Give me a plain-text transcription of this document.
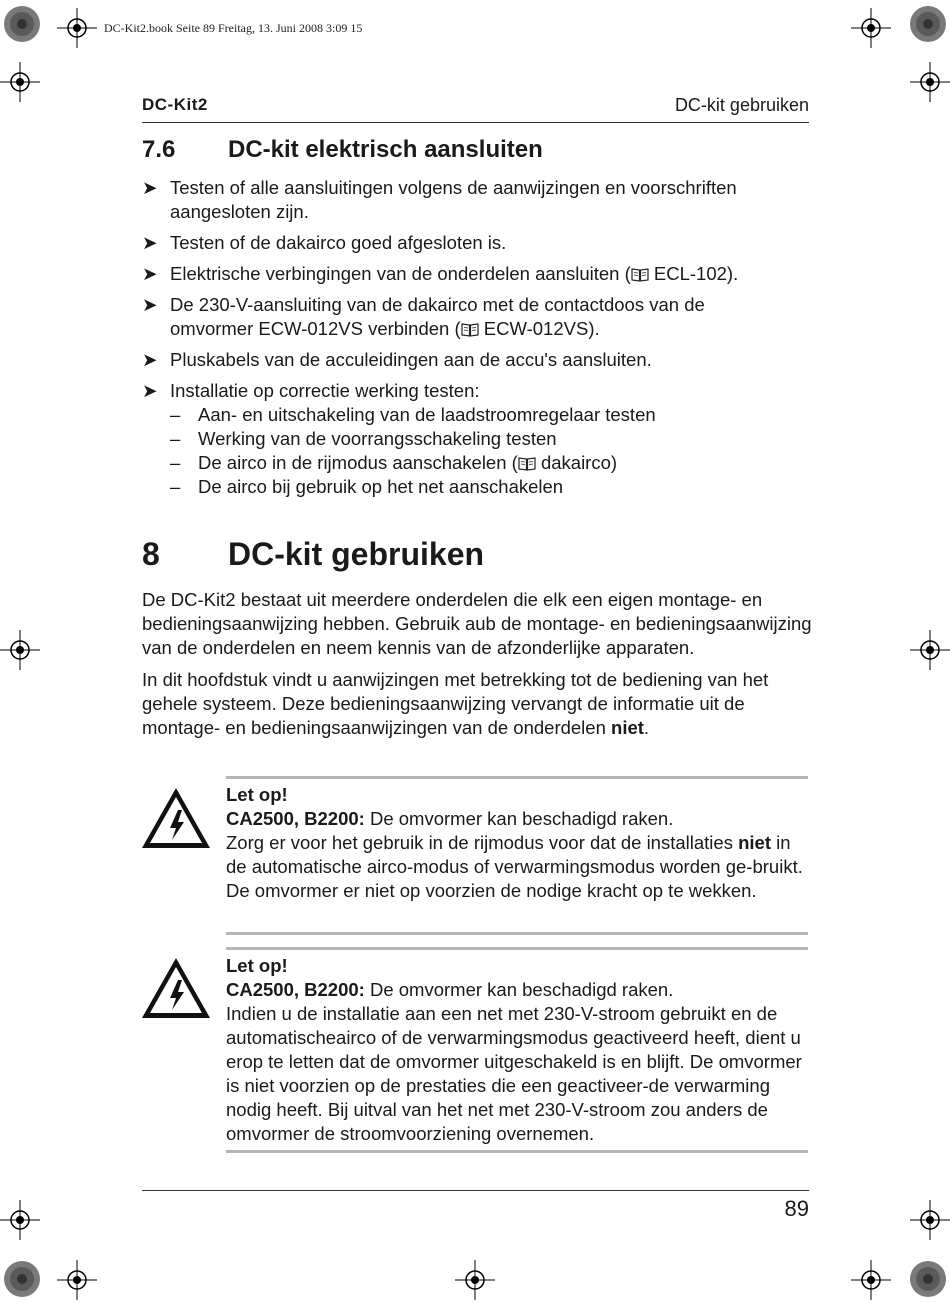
DC-Kit2.book Seite 89 Freitag, 13. Juni 2008 3:09 15
DC-Kit2	DC-kit gebruiken
7.6 DC-kit elektrisch aansluiten
➤ Testen of alle aansluitingen volgens de aanwijzingen en voorschriften
aangesloten zijn.
➤ Testen of de dakairco goed afgesloten is.
➤ Elektrische verbingingen van de onderdelen aansluiten ( ECL-102).
➤ De 230-V-aansluiting van de dakairco met de contactdoos van de
omvormer ECW-012VS verbinden ( ECW-012VS).
➤ Pluskabels van de acculeidingen aan de accu's aansluiten.
➤ Installatie op correctie werking testen:
– Aan- en uitschakeling van de laadstroomregelaar testen
– Werking van de voorrangsschakeling testen
– De airco in de rijmodus aanschakelen ( dakairco)
– De airco bij gebruik op het net aanschakelen
8 DC-kit gebruiken

De DC-Kit2 bestaat uit meerdere onderdelen die elk een eigen montage- en bedieningsaanwijzing hebben. Gebruik aub de montage- en bedieningsaanwijzing van de onderdelen en neem kennis van de afzonderlijke apparaten.

In dit hoofdstuk vindt u aanwijzingen met betrekking tot de bediening van het gehele systeem. Deze bedieningsaanwijzing vervangt de informatie uit de montage- en bedieningsaanwijzingen van de onderdelen niet.

Let op!
CA2500, B2200: De omvormer kan beschadigd raken.
Zorg er voor het gebruik in de rijmodus voor dat de installaties niet in de automatische airco-modus of verwarmingsmodus worden ge-bruikt. De omvormer er niet op voorzien de nodige kracht op te wekken.
Let op!
CA2500, B2200: De omvormer kan beschadigd raken.
Indien u de installatie aan een net met 230-V-stroom gebruikt en de automatischeairco of de verwarmingsmodus geactiveerd heeft, dient u erop te letten dat de omvormer uitgeschakeld is en blijft. De omvormer is niet voorzien op de prestaties die een geactiveer-de verwarming nodig heeft. Bij uitval van het net met 230-V-stroom zou anders de omvormer de stroomvoorziening overnemen.
89
